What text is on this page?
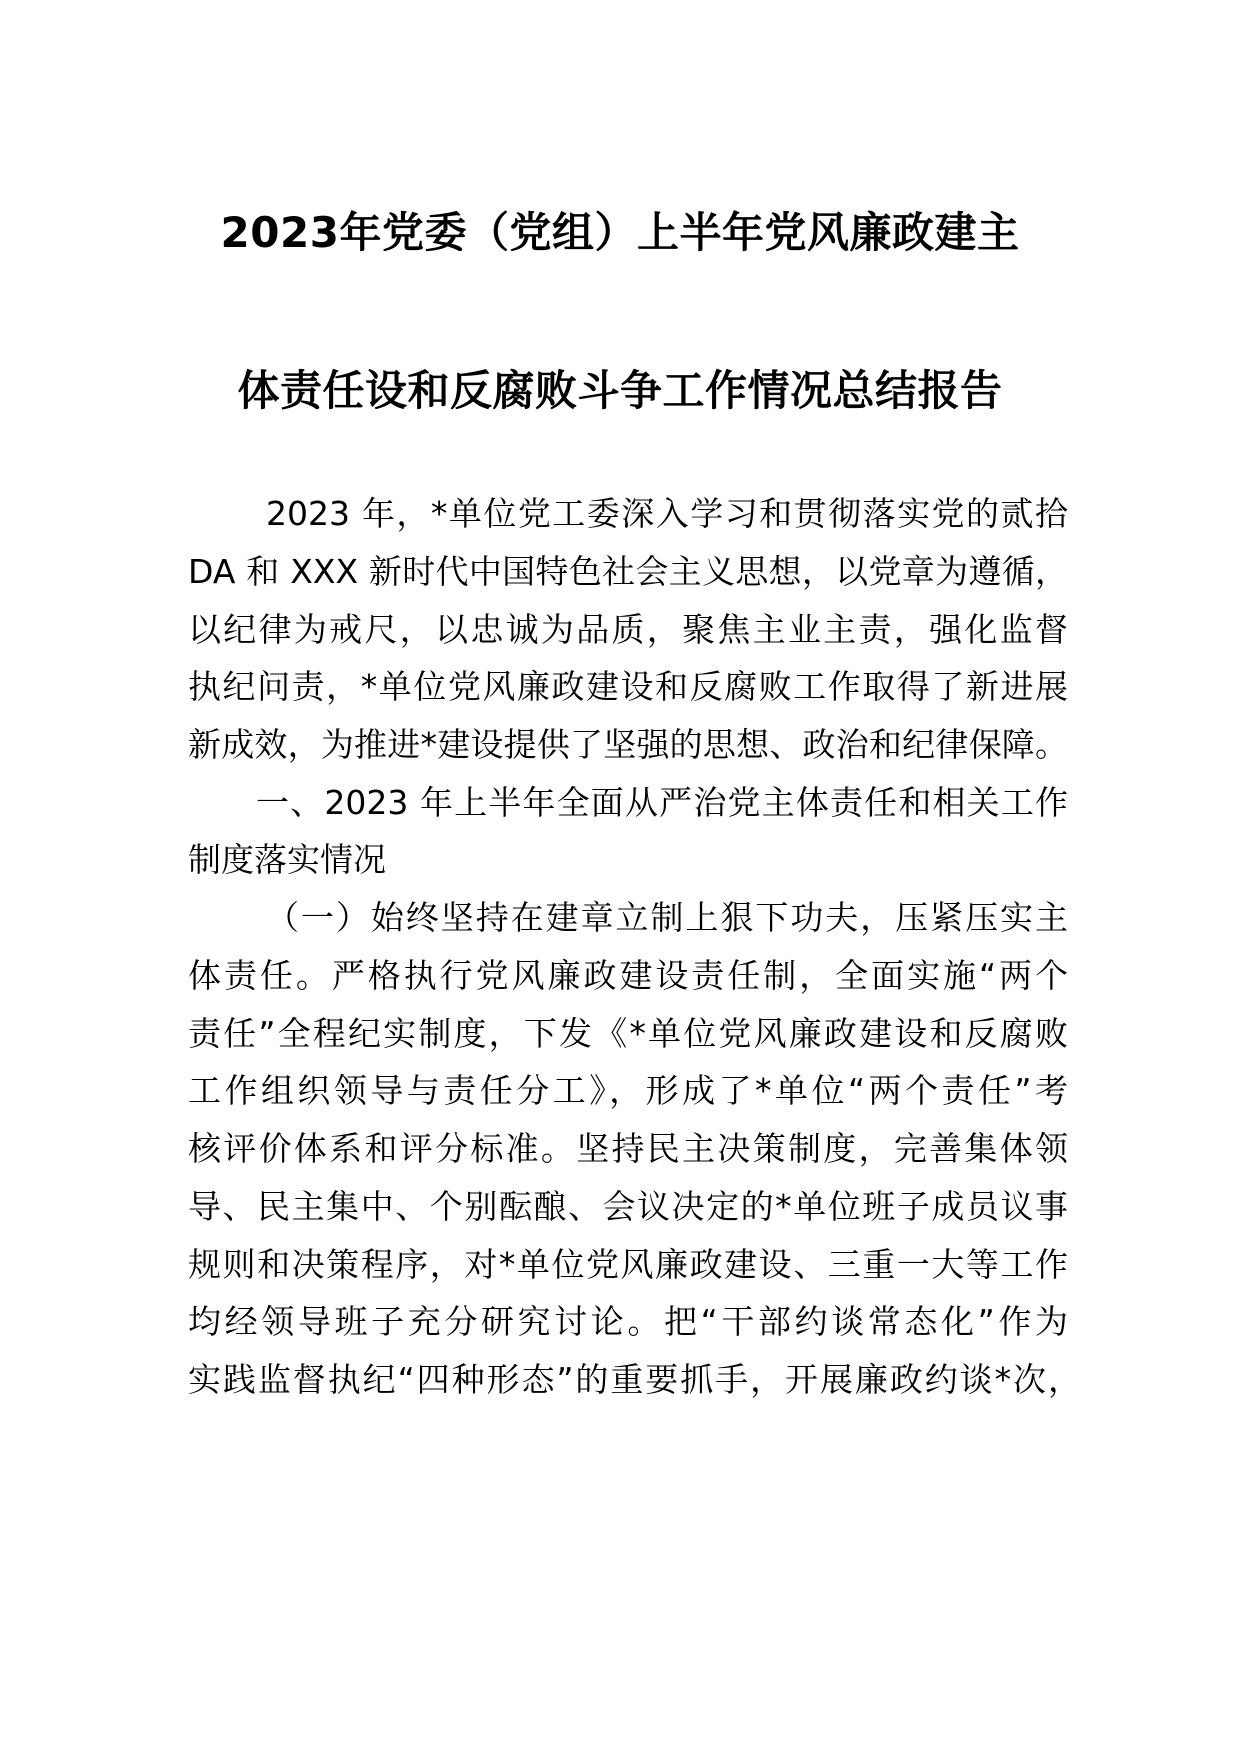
2023年党委（党组）上半年党风廉政建主
体责任设和反腐败斗争工作情况总结报告
2023 年，*单位党工委深入学习和贯彻落实党的贰拾
DA 和 XXX 新时代中国特色社会主义思想，以党章为遵循，
以纪律为戒尺，以忠诚为品质，聚焦主业主责，强化监督
执纪问责，*单位党风廉政建设和反腐败工作取得了新进展
新成效，为推进*建设提供了坚强的思想、政治和纪律保障。
一、2023 年上半年全面从严治党主体责任和相关工作
制度落实情况
（一）始终坚持在建章立制上狠下功夫，压紧压实主
体责任。严格执行党风廉政建设责任制，全面实施“两个
责任”全程纪实制度，下发《*单位党风廉政建设和反腐败
工作组织领导与责任分工》，形成了*单位“两个责任”考
核评价体系和评分标准。坚持民主决策制度，完善集体领
导、民主集中、个别酝酿、会议决定的*单位班子成员议事
规则和决策程序，对*单位党风廉政建设、三重一大等工作
均经领导班子充分研究讨论。把“干部约谈常态化”作为
实践监督执纪“四种形态”的重要抓手，开展廉政约谈*次，
